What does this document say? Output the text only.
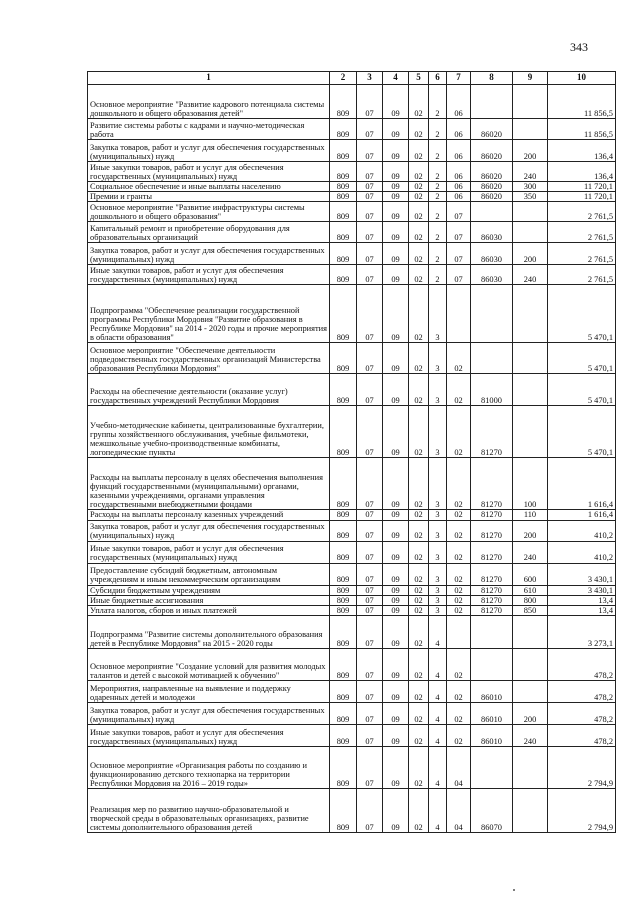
343
1	2	3	4	5	6	7	8	9	10
Основное мероприятие "Развитие кадрового потенциала системы дошкольного и общего образования детей"	809	07	09	02	2	06			11 856,5
Развитие системы работы с кадрами и научно-методическая работа	809	07	09	02	2	06	86020		11 856,5
Закупка товаров, работ и услуг для обеспечения государственных (муниципальных) нужд	809	07	09	02	2	06	86020	200	136,4
Иные закупки товаров, работ и услуг для обеспечения государственных (муниципальных) нужд	809	07	09	02	2	06	86020	240	136,4
Социальное обеспечение и иные выплаты населению	809	07	09	02	2	06	86020	300	11 720,1
Премии и гранты	809	07	09	02	2	06	86020	350	11 720,1
Основное мероприятие "Развитие инфраструктуры системы дошкольного и общего образования"	809	07	09	02	2	07			2 761,5
Капитальный ремонт и приобретение оборудования для образовательных организаций	809	07	09	02	2	07	86030		2 761,5
Закупка товаров, работ и услуг для обеспечения государственных (муниципальных) нужд	809	07	09	02	2	07	86030	200	2 761,5
Иные закупки товаров, работ и услуг для обеспечения государственных (муниципальных) нужд	809	07	09	02	2	07	86030	240	2 761,5
Подпрограмма "Обеспечение реализации государственной программы Республики Мордовия "Развитие образования в Республике Мордовия" на 2014 - 2020 годы и прочие мероприятия в области образования"	809	07	09	02	3				5 470,1
Основное мероприятие "Обеспечение деятельности подведомственных государственных организаций Министерства образования Республики Мордовия"	809	07	09	02	3	02			5 470,1
Расходы на обеспечение деятельности (оказание услуг) государственных учреждений Республики Мордовия	809	07	09	02	3	02	81000		5 470,1
Учебно-методические кабинеты, централизованные бухгалтерии, группы хозяйственного обслуживания, учебные фильмотеки, межшкольные учебно-производственные комбинаты, логопедические пункты	809	07	09	02	3	02	81270		5 470,1
Расходы на выплаты персоналу в целях обеспечения выполнения функций государственными (муниципальными) органами, казенными учреждениями, органами управления государственными внебюджетными фондами	809	07	09	02	3	02	81270	100	1 616,4
Расходы на выплаты персоналу казенных учреждений	809	07	09	02	3	02	81270	110	1 616,4
Закупка товаров, работ и услуг для обеспечения государственных (муниципальных) нужд	809	07	09	02	3	02	81270	200	410,2
Иные закупки товаров, работ и услуг для обеспечения государственных (муниципальных) нужд	809	07	09	02	3	02	81270	240	410,2
Предоставление субсидий бюджетным, автономным учреждениям и иным некоммерческим организациям	809	07	09	02	3	02	81270	600	3 430,1
Субсидии бюджетным учреждениям	809	07	09	02	3	02	81270	610	3 430,1
Иные бюджетные ассигнования	809	07	09	02	3	02	81270	800	13,4
Уплата налогов, сборов и иных платежей	809	07	09	02	3	02	81270	850	13,4
Подпрограмма "Развитие системы дополнительного образования детей в Республике Мордовия" на 2015 - 2020 годы	809	07	09	02	4				3 273,1
Основное мероприятие "Создание условий для развития молодых талантов и детей с высокой мотивацией к обучению"	809	07	09	02	4	02			478,2
Мероприятия, направленные на выявление и поддержку одаренных детей и молодежи	809	07	09	02	4	02	86010		478,2
Закупка товаров, работ и услуг для обеспечения государственных (муниципальных) нужд	809	07	09	02	4	02	86010	200	478,2
Иные закупки товаров, работ и услуг для обеспечения государственных (муниципальных) нужд	809	07	09	02	4	02	86010	240	478,2
Основное мероприятие «Организация работы по созданию и функционированию детского технопарка на территории Республики Мордовия на 2016 – 2019 годы»	809	07	09	02	4	04			2 794,9
Реализация мер по развитию научно-образовательной и творческой среды в образовательных организациях, развитие системы дополнительного образования детей	809	07	09	02	4	04	86070		2 794,9
